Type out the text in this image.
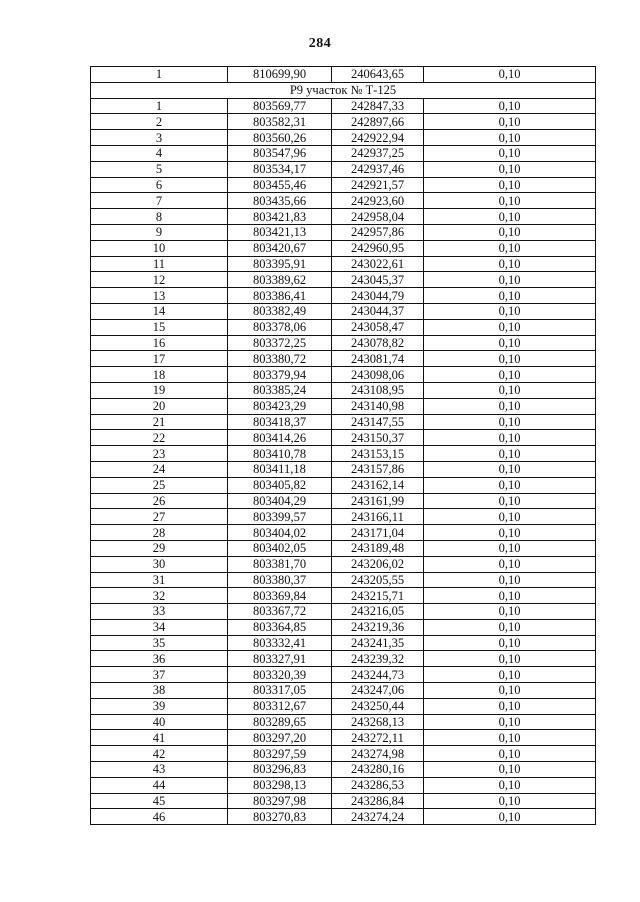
284
1	810699,90	240643,65	0,10
Р9 участок № Т-125			
1	803569,77	242847,33	0,10
2	803582,31	242897,66	0,10
3	803560,26	242922,94	0,10
4	803547,96	242937,25	0,10
5	803534,17	242937,46	0,10
6	803455,46	242921,57	0,10
7	803435,66	242923,60	0,10
8	803421,83	242958,04	0,10
9	803421,13	242957,86	0,10
10	803420,67	242960,95	0,10
11	803395,91	243022,61	0,10
12	803389,62	243045,37	0,10
13	803386,41	243044,79	0,10
14	803382,49	243044,37	0,10
15	803378,06	243058,47	0,10
16	803372,25	243078,82	0,10
17	803380,72	243081,74	0,10
18	803379,94	243098,06	0,10
19	803385,24	243108,95	0,10
20	803423,29	243140,98	0,10
21	803418,37	243147,55	0,10
22	803414,26	243150,37	0,10
23	803410,78	243153,15	0,10
24	803411,18	243157,86	0,10
25	803405,82	243162,14	0,10
26	803404,29	243161,99	0,10
27	803399,57	243166,11	0,10
28	803404,02	243171,04	0,10
29	803402,05	243189,48	0,10
30	803381,70	243206,02	0,10
31	803380,37	243205,55	0,10
32	803369,84	243215,71	0,10
33	803367,72	243216,05	0,10
34	803364,85	243219,36	0,10
35	803332,41	243241,35	0,10
36	803327,91	243239,32	0,10
37	803320,39	243244,73	0,10
38	803317,05	243247,06	0,10
39	803312,67	243250,44	0,10
40	803289,65	243268,13	0,10
41	803297,20	243272,11	0,10
42	803297,59	243274,98	0,10
43	803296,83	243280,16	0,10
44	803298,13	243286,53	0,10
45	803297,98	243286,84	0,10
46	803270,83	243274,24	0,10
